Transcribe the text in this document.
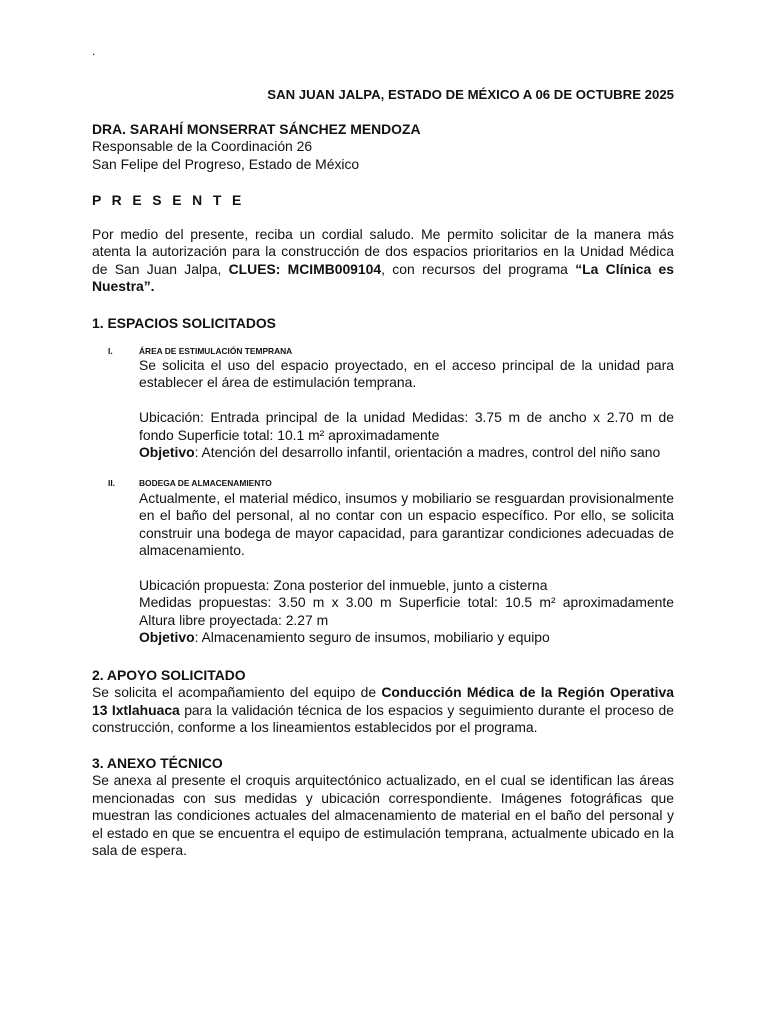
.
SAN JUAN JALPA, ESTADO DE MÉXICO A 06 DE OCTUBRE 2025
DRA. SARAHÍ MONSERRAT SÁNCHEZ MENDOZA
Responsable de la Coordinación 26
San Felipe del Progreso, Estado de México
P R E S E N T E

Por medio del presente, reciba un cordial saludo. Me permito solicitar de la manera más atenta la autorización para la construcción de dos espacios prioritarios en la Unidad Médica de San Juan Jalpa, CLUES: MCIMB009104, con recursos del programa “La Clínica es Nuestra”.

1. ESPACIOS SOLICITADOS
I.	ÁREA DE ESTIMULACIÓN TEMPRANA

Se solicita el uso del espacio proyectado, en el acceso principal de la unidad para establecer el área de estimulación temprana.

Ubicación: Entrada principal de la unidad Medidas: 3.75 m de ancho x 2.70 m de fondo Superficie total: 10.1 m² aproximadamente

Objetivo: Atención del desarrollo infantil, orientación a madres, control del niño sano

II.	BODEGA DE ALMACENAMIENTO

Actualmente, el material médico, insumos y mobiliario se resguardan provisionalmente en el baño del personal, al no contar con un espacio específico. Por ello, se solicita construir una bodega de mayor capacidad, para garantizar condiciones adecuadas de almacenamiento.

Ubicación propuesta: Zona posterior del inmueble, junto a cisterna

Medidas propuestas: 3.50 m x 3.00 m Superficie total: 10.5 m² aproximadamente Altura libre proyectada: 2.27 m

Objetivo: Almacenamiento seguro de insumos, mobiliario y equipo

2. APOYO SOLICITADO

Se solicita el acompañamiento del equipo de Conducción Médica de la Región Operativa 13 Ixtlahuaca para la validación técnica de los espacios y seguimiento durante el proceso de construcción, conforme a los lineamientos establecidos por el programa.

3. ANEXO TÉCNICO

Se anexa al presente el croquis arquitectónico actualizado, en el cual se identifican las áreas mencionadas con sus medidas y ubicación correspondiente. Imágenes fotográficas que muestran las condiciones actuales del almacenamiento de material en el baño del personal y el estado en que se encuentra el equipo de estimulación temprana, actualmente ubicado en la sala de espera.
